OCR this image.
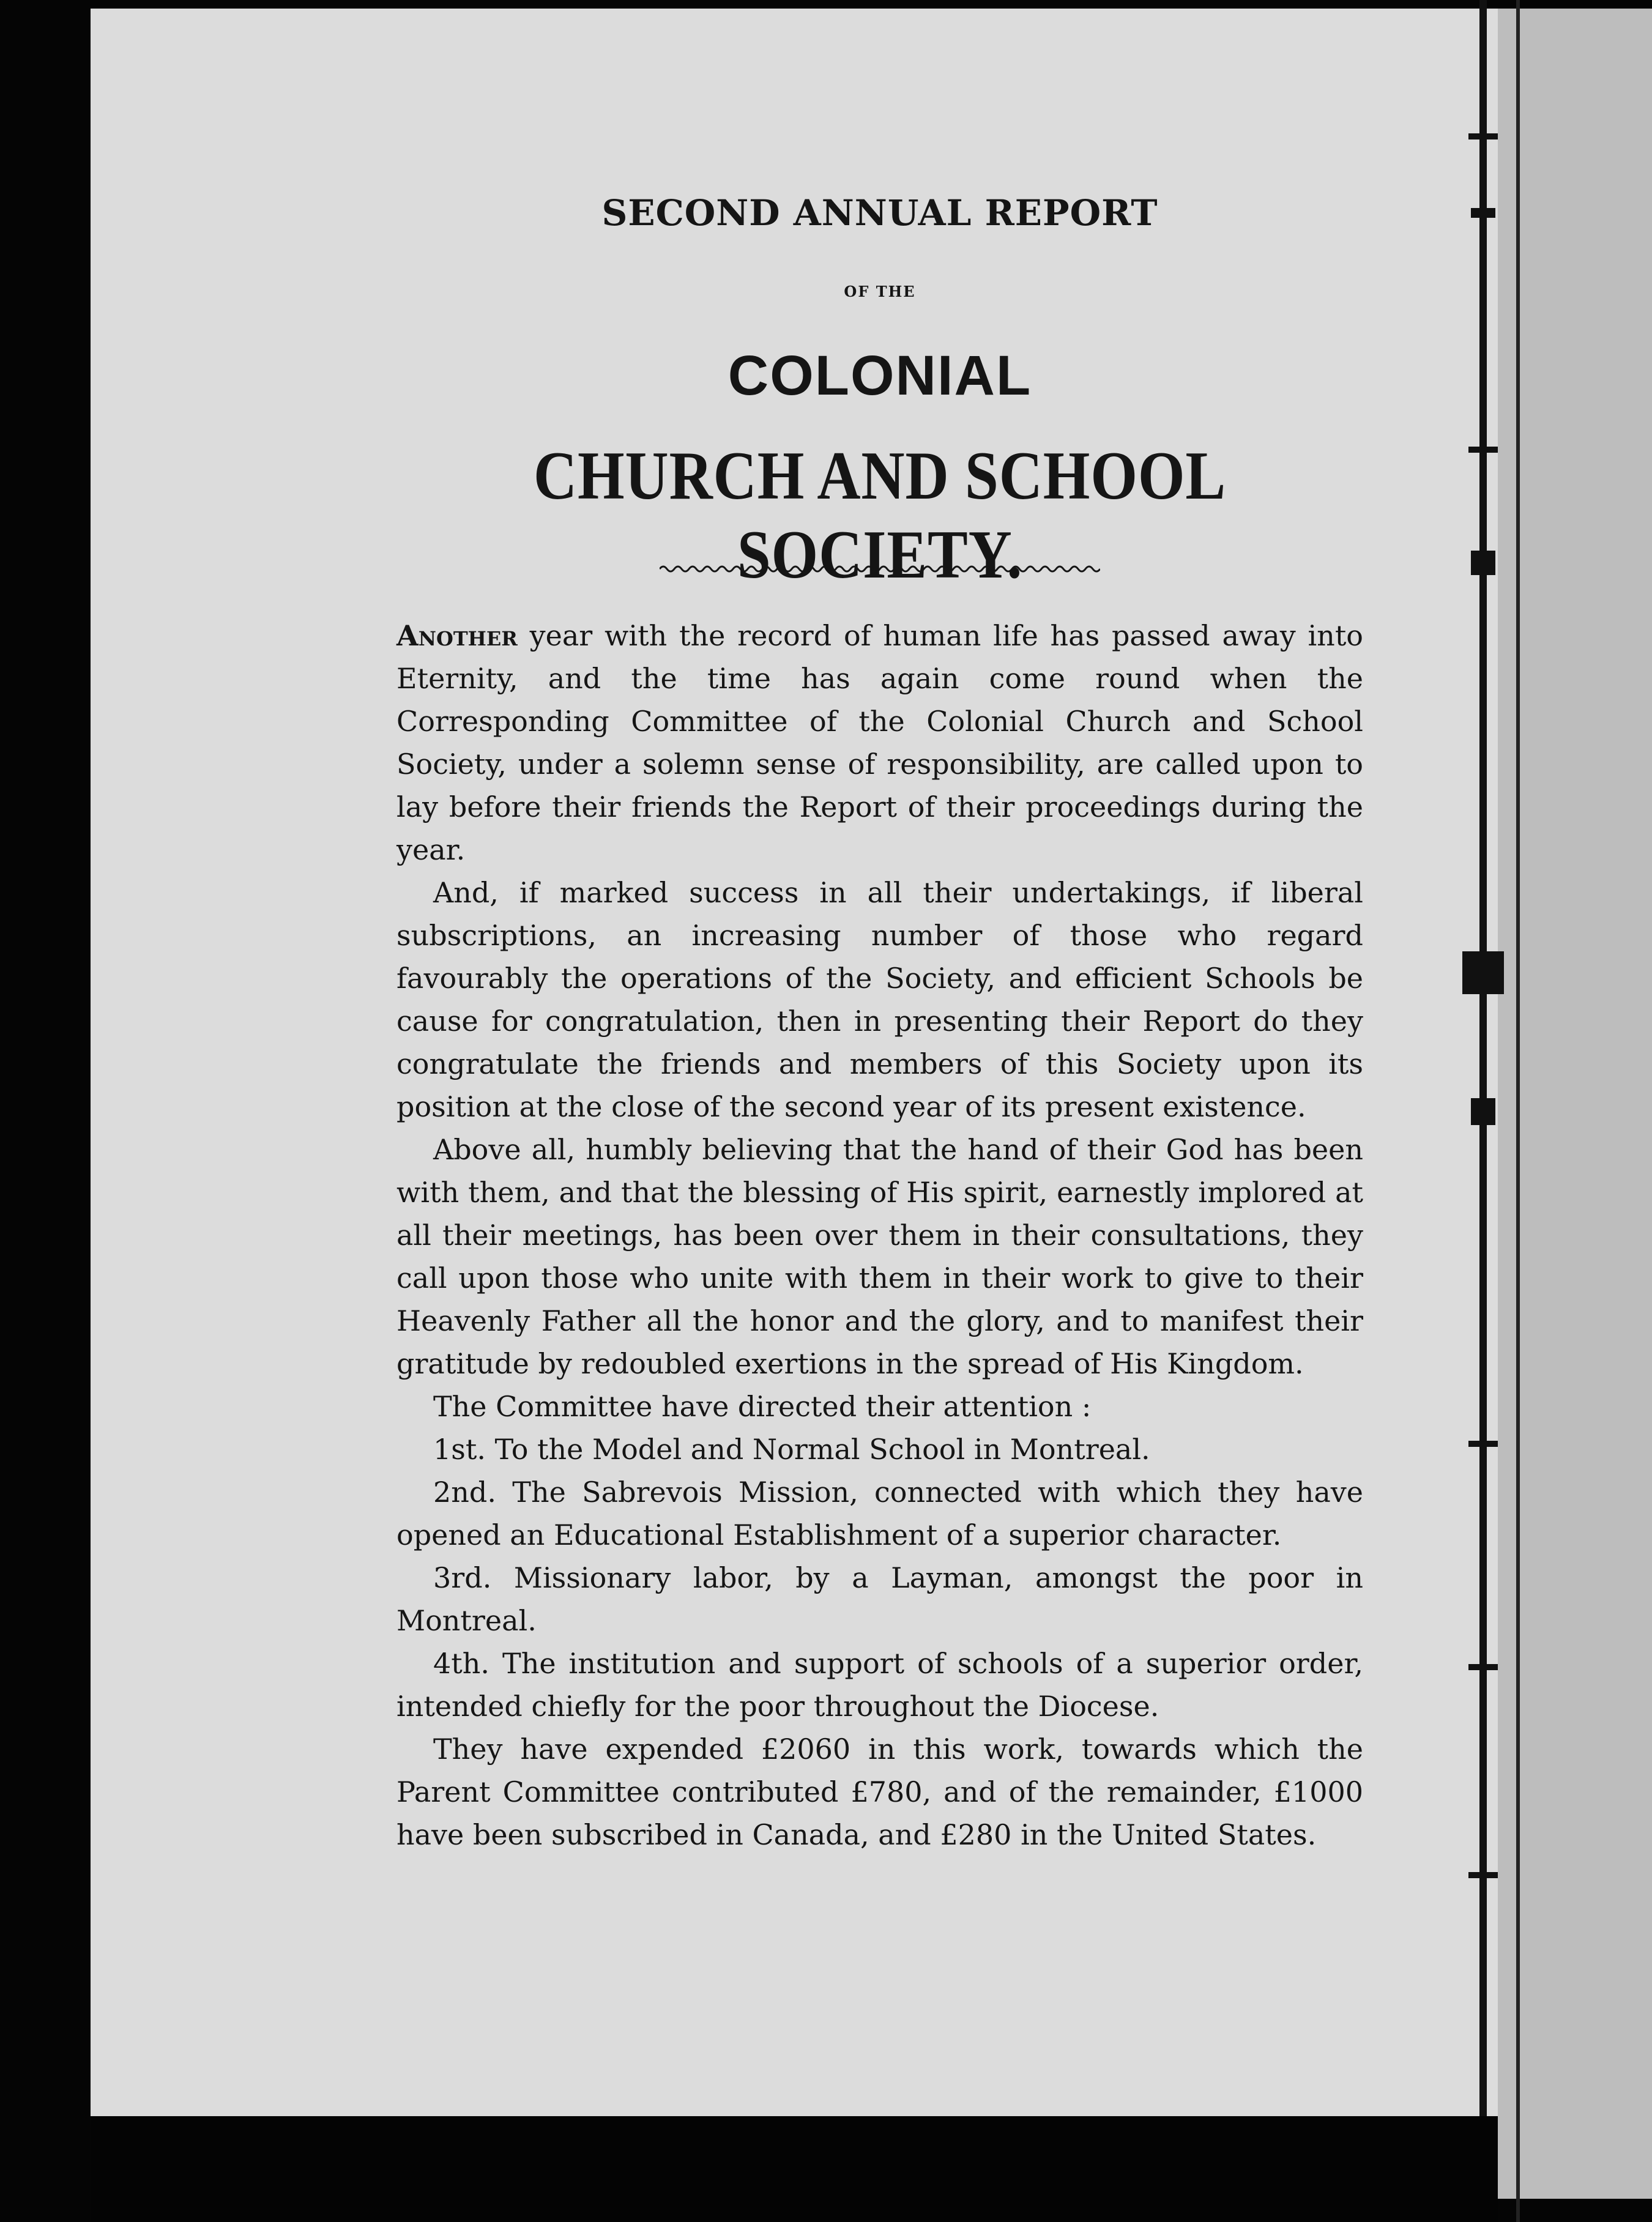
SECOND ANNUAL REPORT
OF THE
COLONIAL
CHURCH AND SCHOOL SOCIETY.

Another year with the record of human life has passed away into Eternity, and the time has again come round when the Corresponding Committee of the Colonial Church and School Society, under a solemn sense of responsibility, are called upon to lay before their friends the Report of their proceedings during the year.

And, if marked success in all their undertakings, if liberal subscriptions, an increasing number of those who regard favourably the operations of the Society, and efficient Schools be cause for congratulation, then in presenting their Report do they congratulate the friends and members of this Society upon its position at the close of the second year of its present existence.

Above all, humbly believing that the hand of their God has been with them, and that the blessing of His spirit, earnestly implored at all their meetings, has been over them in their consultations, they call upon those who unite with them in their work to give to their Heavenly Father all the honor and the glory, and to manifest their gratitude by redoubled exertions in the spread of His Kingdom.

The Committee have directed their attention :

1st. To the Model and Normal School in Montreal.

2nd. The Sabrevois Mission, connected with which they have opened an Educational Establishment of a superior character.

3rd. Missionary labor, by a Layman, amongst the poor in Montreal.

4th. The institution and support of schools of a superior order, intended chiefly for the poor throughout the Diocese.

They have expended £2060 in this work, towards which the Parent Committee contributed £780, and of the remainder, £1000 have been subscribed in Canada, and £280 in the United States.
